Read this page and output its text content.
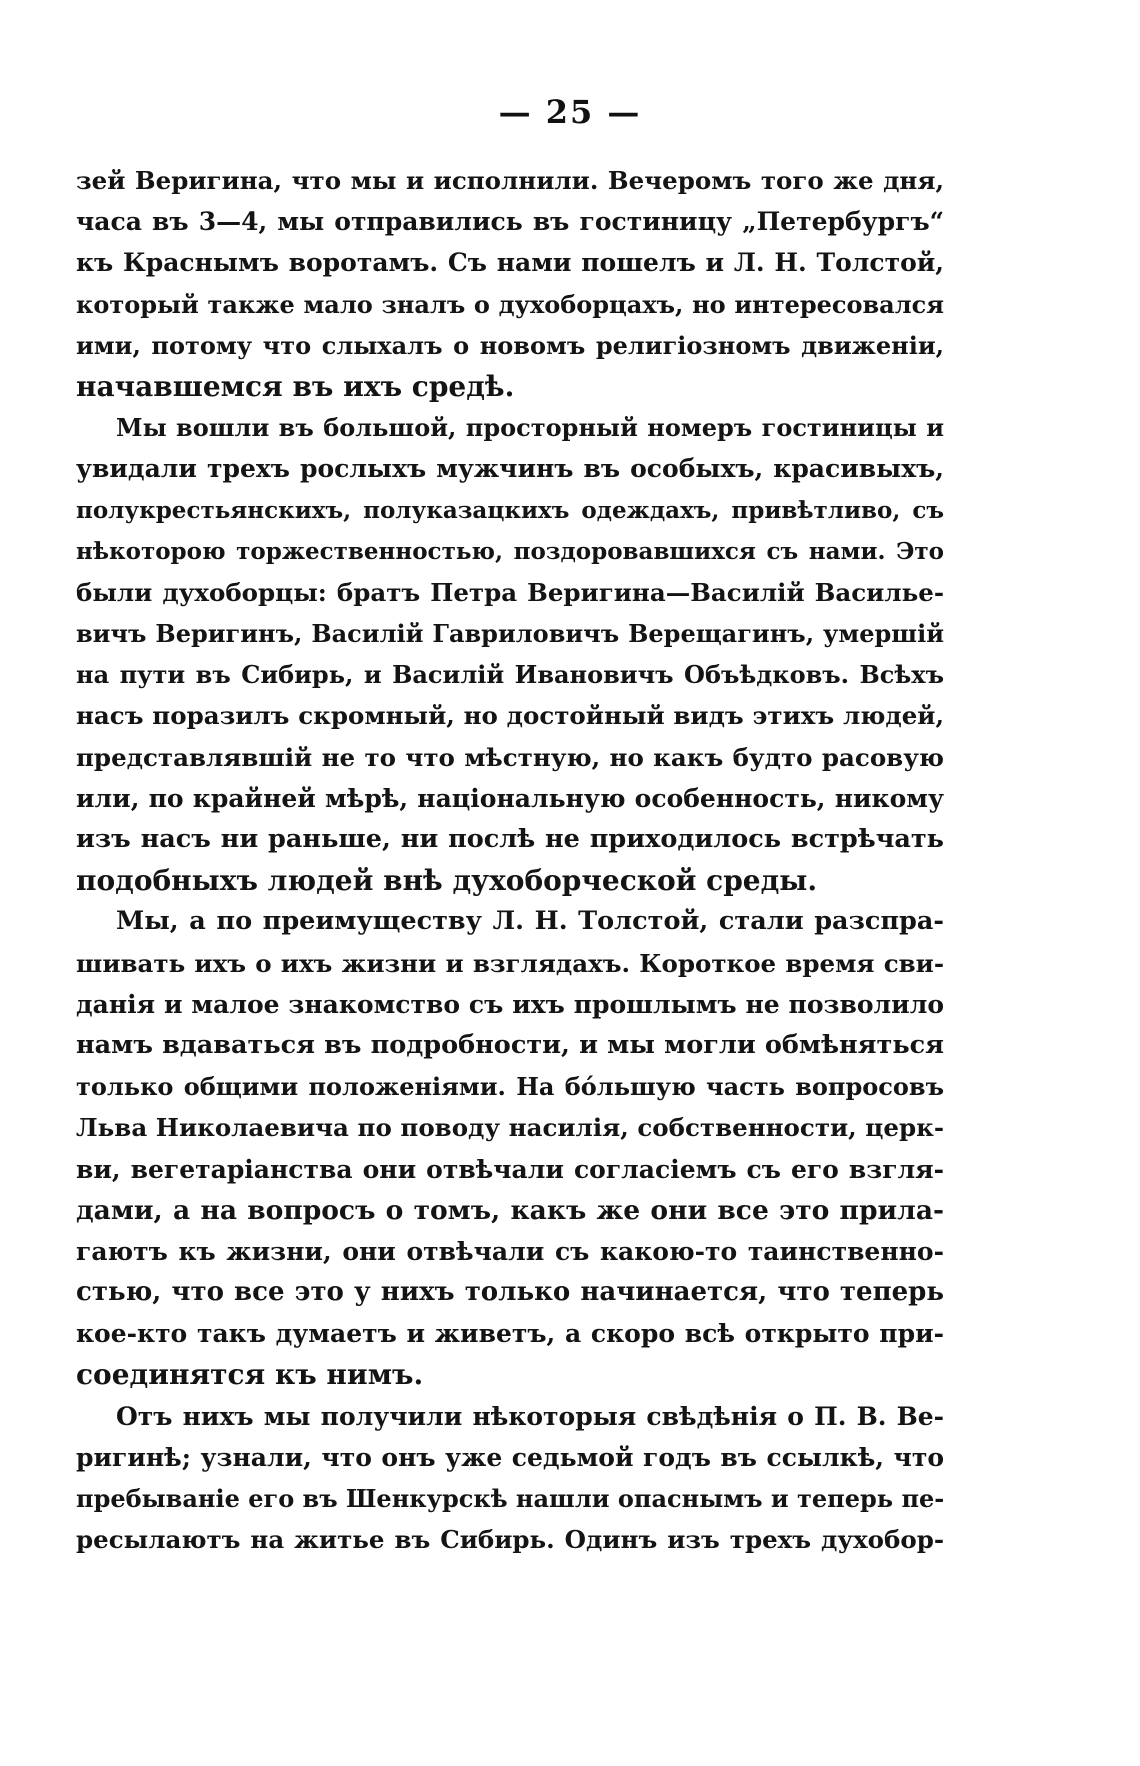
— 25 —
зей Веригина, что мы и исполнили. Вечеромъ того же дня,
часа въ 3—4, мы отправились въ гостиницу „Петербургъ“
къ Краснымъ воротамъ. Съ нами пошелъ и Л. Н. Толстой,
который также мало зналъ о духоборцахъ, но интересовался
ими, потому что слыхалъ о новомъ религіозномъ движеніи,
начавшемся въ ихъ средѣ.
Мы вошли въ большой, просторный номеръ гостиницы и
увидали трехъ рослыхъ мужчинъ въ особыхъ, красивыхъ,
полукрестьянскихъ, полуказацкихъ одеждахъ, привѣтливо, съ
нѣкоторою торжественностью, поздоровавшихся съ нами. Это
были духоборцы: братъ Петра Веригина—Василій Василье-
вичъ Веригинъ, Василій Гавриловичъ Верещагинъ, умершій
на пути въ Сибирь, и Василій Ивановичъ Объѣдковъ. Всѣхъ
насъ поразилъ скромный, но достойный видъ этихъ людей,
представлявшій не то что мѣстную, но какъ будто расовую
или, по крайней мѣрѣ, національную особенность, никому
изъ насъ ни раньше, ни послѣ не приходилось встрѣчать
подобныхъ людей внѣ духоборческой среды.
Мы, а по преимуществу Л. Н. Толстой, стали разспра-
шивать ихъ о ихъ жизни и взглядахъ. Короткое время сви-
данія и малое знакомство съ ихъ прошлымъ не позволило
намъ вдаваться въ подробности, и мы могли обмѣняться
только общими положеніями. На бо́льшую часть вопросовъ
Льва Николаевича по поводу насилія, собственности, церк-
ви, вегетаріанства они отвѣчали согласіемъ съ его взгля-
дами, а на вопросъ о томъ, какъ же они все это прила-
гаютъ къ жизни, они отвѣчали съ какою-то таинственно-
стью, что все это у нихъ только начинается, что теперь
кое-кто такъ думаетъ и живетъ, а скоро всѣ открыто при-
соединятся къ нимъ.
Отъ нихъ мы получили нѣкоторыя свѣдѣнія о П. В. Ве-
ригинѣ; узнали, что онъ уже седьмой годъ въ ссылкѣ, что
пребываніе его въ Шенкурскѣ нашли опаснымъ и теперь пе-
ресылаютъ на житье въ Сибирь. Одинъ изъ трехъ духобор-
